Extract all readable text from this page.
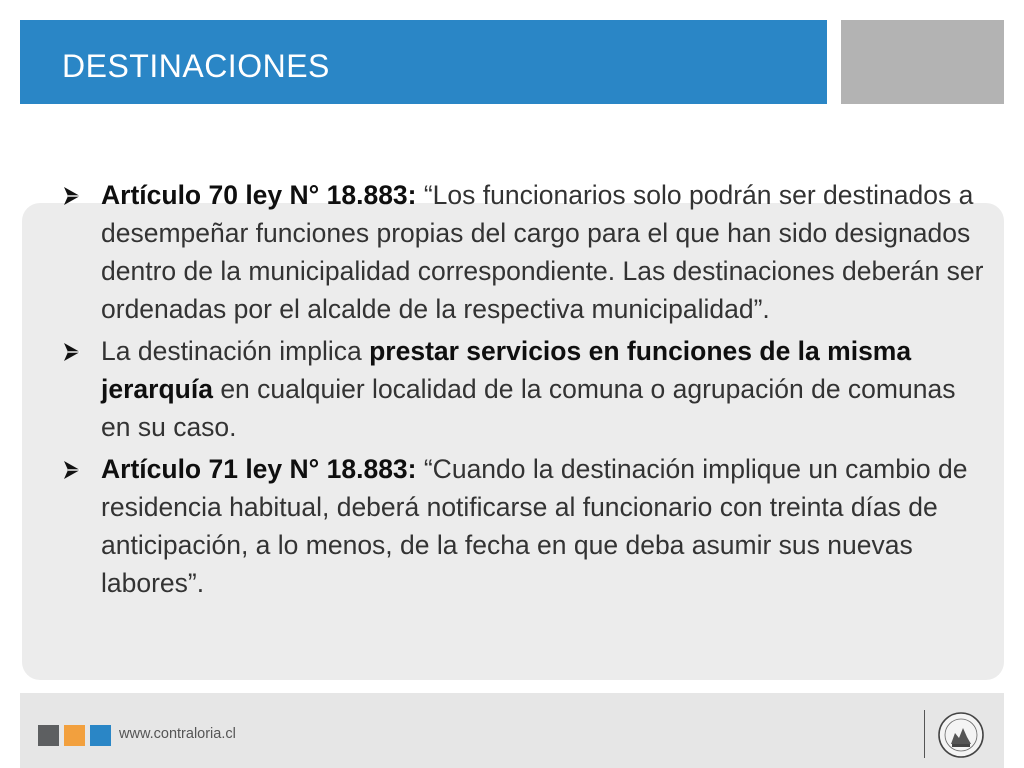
DESTINACIONES
Artículo 70 ley N° 18.883: “Los funcionarios solo podrán ser destinados a desempeñar funciones propias del cargo para el que han sido designados dentro de la municipalidad correspondiente. Las destinaciones deberán ser ordenadas por el alcalde de la respectiva municipalidad”.
La destinación implica prestar servicios en funciones de la misma jerarquía en cualquier localidad de la comuna o agrupación de comunas en su caso.
Artículo 71 ley N° 18.883: “Cuando la destinación implique un cambio de residencia habitual, deberá notificarse al funcionario con treinta días de anticipación, a lo menos, de la fecha en que deba asumir sus nuevas labores”.
www.contraloria.cl
